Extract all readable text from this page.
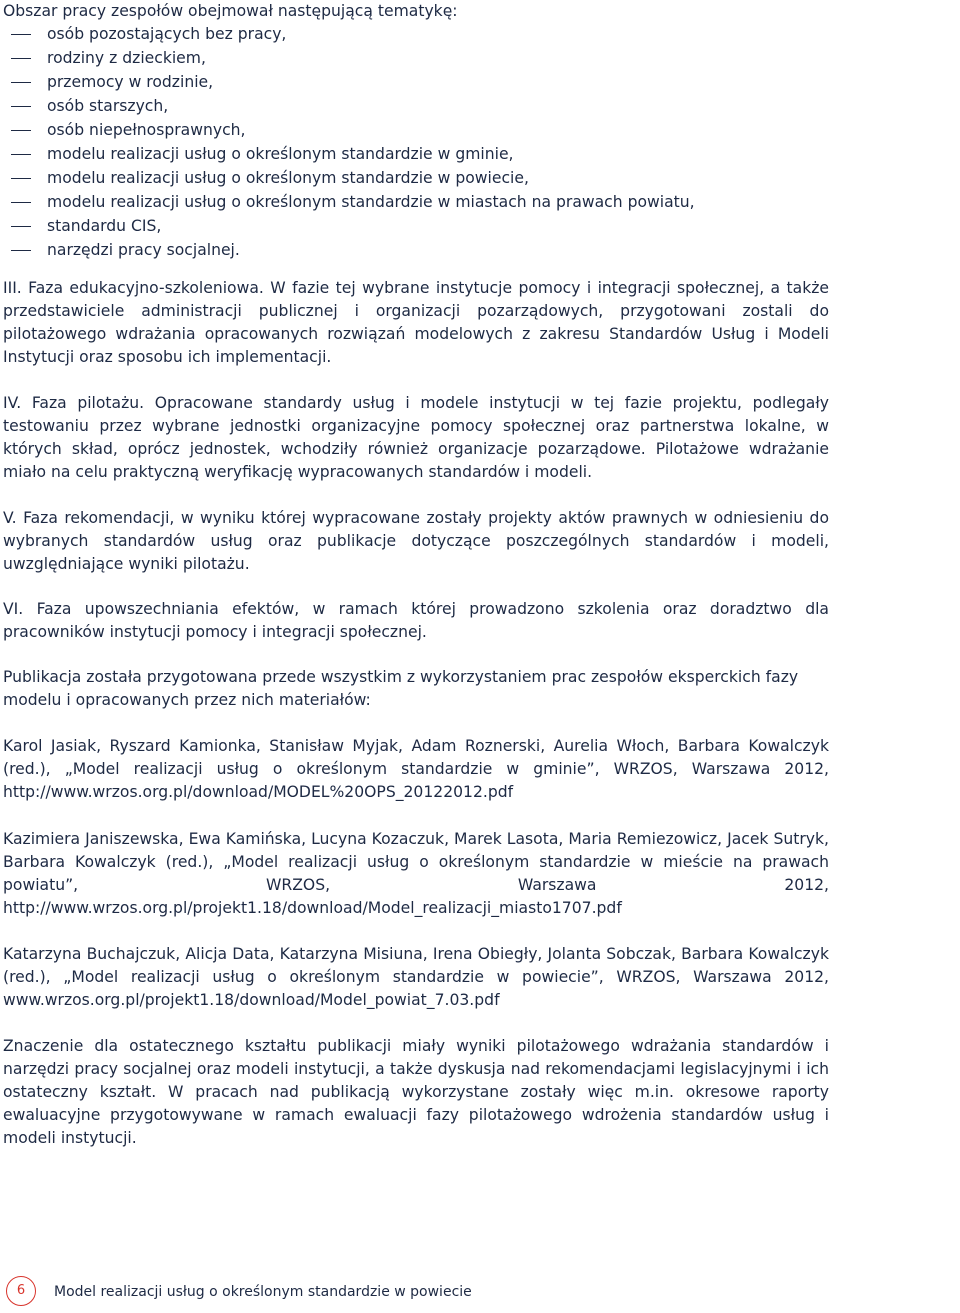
Obszar pracy zespołów obejmował następującą tematykę:

osób pozostających bez pracy,
rodziny z dzieckiem,
przemocy w rodzinie,
osób starszych,
osób niepełnosprawnych,
modelu realizacji usług o określonym standardzie w gminie,
modelu realizacji usług o określonym standardzie w powiecie,
modelu realizacji usług o określonym standardzie w miastach na prawach powiatu,
standardu CIS,
narzędzi pracy socjalnej.

III. Faza edukacyjno-szkoleniowa. W fazie tej wybrane instytucje pomocy i integracji społecznej, a także przedstawiciele administracji publicznej i organizacji pozarządowych, przygotowani zostali do pilotażowego wdrażania opracowanych rozwiązań modelowych z zakresu Standardów Usług i Modeli Instytucji oraz sposobu ich implementacji.

IV. Faza pilotażu. Opracowane standardy usług i modele instytucji w tej fazie projektu, podlegały testowaniu przez wybrane jednostki organizacyjne pomocy społecznej oraz partnerstwa lokalne, w których skład, oprócz jednostek, wchodziły również organizacje pozarządowe. Pilotażowe wdrażanie miało na celu praktyczną weryfikację wypracowanych standardów i modeli.

V. Faza rekomendacji, w wyniku której wypracowane zostały projekty aktów prawnych w odniesieniu do wybranych standardów usług oraz publikacje dotyczące poszczególnych standardów i modeli, uwzględniające wyniki pilotażu.

VI. Faza upowszechniania efektów, w ramach której prowadzono szkolenia oraz doradztwo dla pracowników instytucji pomocy i integracji społecznej.

Publikacja została przygotowana przede wszystkim z wykorzystaniem prac zespołów eksperckich fazy modelu i opracowanych przez nich materiałów:

Karol Jasiak, Ryszard Kamionka, Stanisław Myjak, Adam Roznerski, Aurelia Włoch, Barbara Kowalczyk (red.), „Model realizacji usług o określonym standardzie w gminie”, WRZOS, Warszawa 2012, http://www.wrzos.org.pl/download/MODEL%20OPS_20122012.pdf

Kazimiera Janiszewska, Ewa Kamińska, Lucyna Kozaczuk, Marek Lasota, Maria Remiezowicz, Jacek Sutryk, Barbara Kowalczyk (red.), „Model realizacji usług o określonym standardzie w mieście na prawach powiatu”, WRZOS, Warszawa 2012, http://www.wrzos.org.pl/projekt1.18/download/Model_realizacji_miasto1707.pdf

Katarzyna Buchajczuk, Alicja Data, Katarzyna Misiuna, Irena Obiegły, Jolanta Sobczak, Barbara Kowalczyk (red.), „Model realizacji usług o określonym standardzie w powiecie”, WRZOS, Warszawa 2012, www.wrzos.org.pl/projekt1.18/download/Model_powiat_7.03.pdf

Znaczenie dla ostatecznego kształtu publikacji miały wyniki pilotażowego wdrażania standardów i narzędzi pracy socjalnej oraz modeli instytucji, a także dyskusja nad rekomendacjami legislacyjnymi i ich ostateczny kształt. W pracach nad publikacją wykorzystane zostały więc m.in. okresowe raporty ewaluacyjne przygotowywane w ramach ewaluacji fazy pilotażowego wdrożenia standardów usług i modeli instytucji.

6	Model realizacji usług o określonym standardzie w powiecie
